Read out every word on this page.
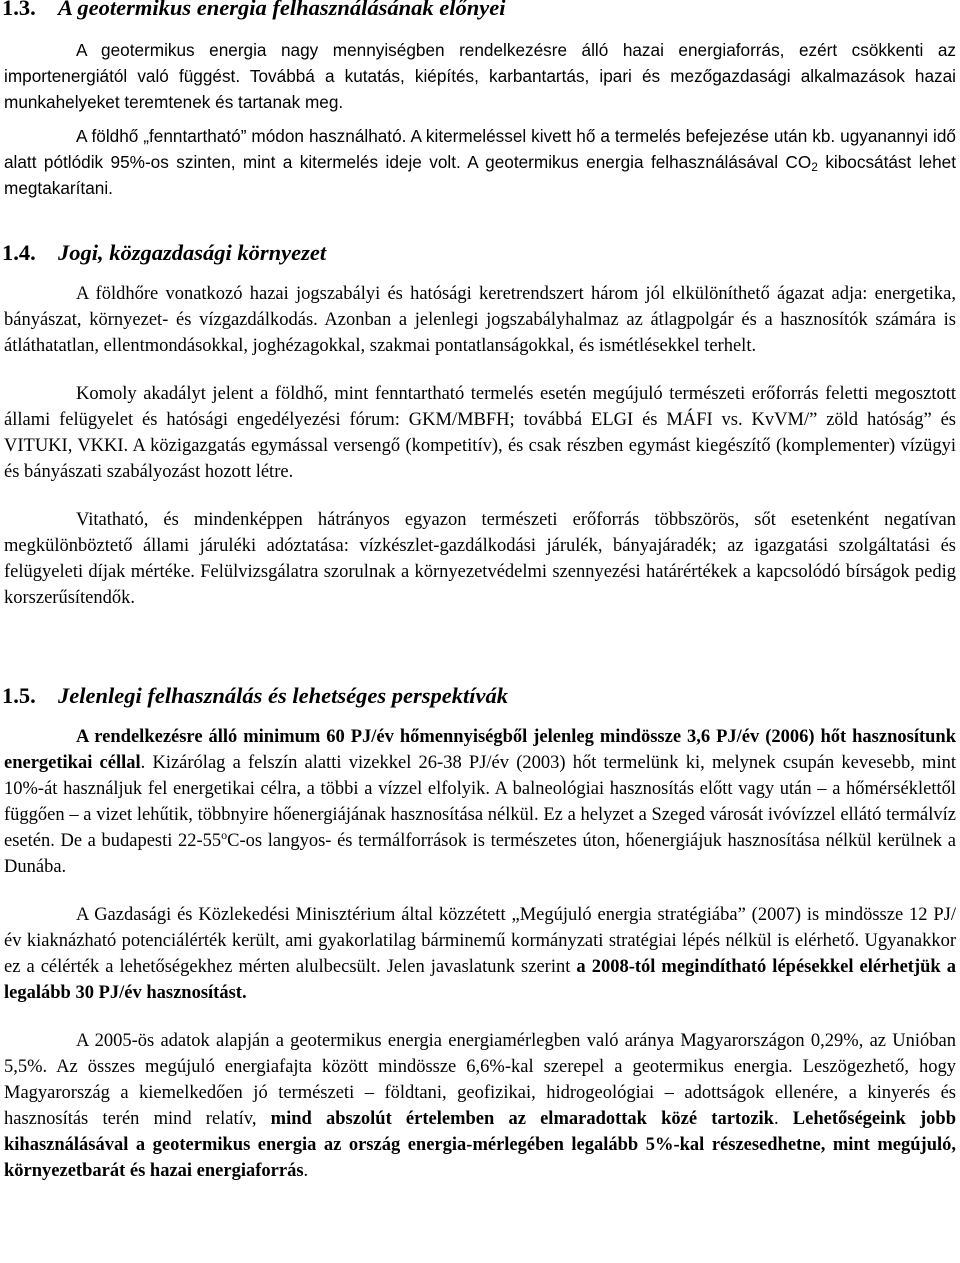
1.3. A geotermikus energia felhasználásának előnyei

A geotermikus energia nagy mennyiségben rendelkezésre álló hazai energiaforrás, ezért csökkenti az importenergiától való függést. Továbbá a kutatás, kiépítés, karbantartás, ipari és mezőgazdasági alkalmazások hazai munkahelyeket teremtenek és tartanak meg.

A földhő „fenntartható” módon használható. A kitermeléssel kivett hő a termelés befejezése után kb. ugyanannyi idő alatt pótlódik 95%-os szinten, mint a kitermelés ideje volt. A geotermikus energia felhasználásával $CO_2$ kibocsátást lehet megtakarítani.

1.4. Jogi, közgazdasági környezet

A földhőre vonatkozó hazai jogszabályi és hatósági keretrendszert három jól elkülöníthető ágazat adja: energetika, bányászat, környezet- és vízgazdálkodás. Azonban a jelenlegi jogszabályhalmaz az átlagpolgár és a hasznosítók számára is átláthatatlan, ellentmondásokkal, joghézagokkal, szakmai pontatlanságokkal, és ismétlésekkel terhelt.

Komoly akadályt jelent a földhő, mint fenntartható termelés esetén megújuló természeti erőforrás feletti megosztott állami felügyelet és hatósági engedélyezési fórum: GKM/MBFH; továbbá ELGI és MÁFI vs. KvVM/” zöld hatóság” és VITUKI, VKKI. A közigazgatás egymással versengő (kompetitív), és csak részben egymást kiegészítő (komplementer) vízügyi és bányászati szabályozást hozott létre.

Vitatható, és mindenképpen hátrányos egyazon természeti erőforrás többszörös, sőt esetenként negatívan megkülönböztető állami járuléki adóztatása: vízkészlet-gazdálkodási járulék, bányajáradék; az igazgatási szolgáltatási és felügyeleti díjak mértéke. Felülvizsgálatra szorulnak a környezetvédelmi szennyezési határértékek a kapcsolódó bírságok pedig korszerűsítendők.

1.5. Jelenlegi felhasználás és lehetséges perspektívák

A rendelkezésre álló minimum 60 PJ/év hőmennyiségből jelenleg mindössze 3,6 PJ/év (2006) hőt hasznosítunk energetikai céllal. Kizárólag a felszín alatti vizekkel 26-38 PJ/év (2003) hőt termelünk ki, melynek csupán kevesebb, mint 10%-át használjuk fel energetikai célra, a többi a vízzel elfolyik. A balneológiai hasznosítás előtt vagy után – a hőmérséklettől függően – a vizet lehűtik, többnyire hőenergiájának hasznosítása nélkül. Ez a helyzet a Szeged városát ivóvízzel ellátó termálvíz esetén. De a budapesti 22-55$^o$C-os langyos- és termálforrások is természetes úton, hőenergiájuk hasznosítása nélkül kerülnek a Dunába.

A Gazdasági és Közlekedési Minisztérium által közzétett „Megújuló energia stratégiába” (2007) is mindössze 12 PJ/év kiaknázható potenciálérték került, ami gyakorlatilag bárminemű kormányzati stratégiai lépés nélkül is elérhető. Ugyanakkor ez a célérték a lehetőségekhez mérten alulbecsült. Jelen javaslatunk szerint a 2008-tól megindítható lépésekkel elérhetjük a legalább 30 PJ/év hasznosítást.

A 2005-ös adatok alapján a geotermikus energia energiamérlegben való aránya Magyarországon 0,29%, az Unióban 5,5%. Az összes megújuló energiafajta között mindössze 6,6%-kal szerepel a geotermikus energia. Leszögezhető, hogy Magyarország a kiemelkedően jó természeti – földtani, geofizikai, hidrogeológiai – adottságok ellenére, a kinyerés és hasznosítás terén mind relatív, mind abszolút értelemben az elmaradottak közé tartozik. Lehetőségeink jobb kihasználásával a geotermikus energia az ország energia-mérlegében legalább 5%-kal részesedhetne, mint megújuló, környezetbarát és hazai energiaforrás.
